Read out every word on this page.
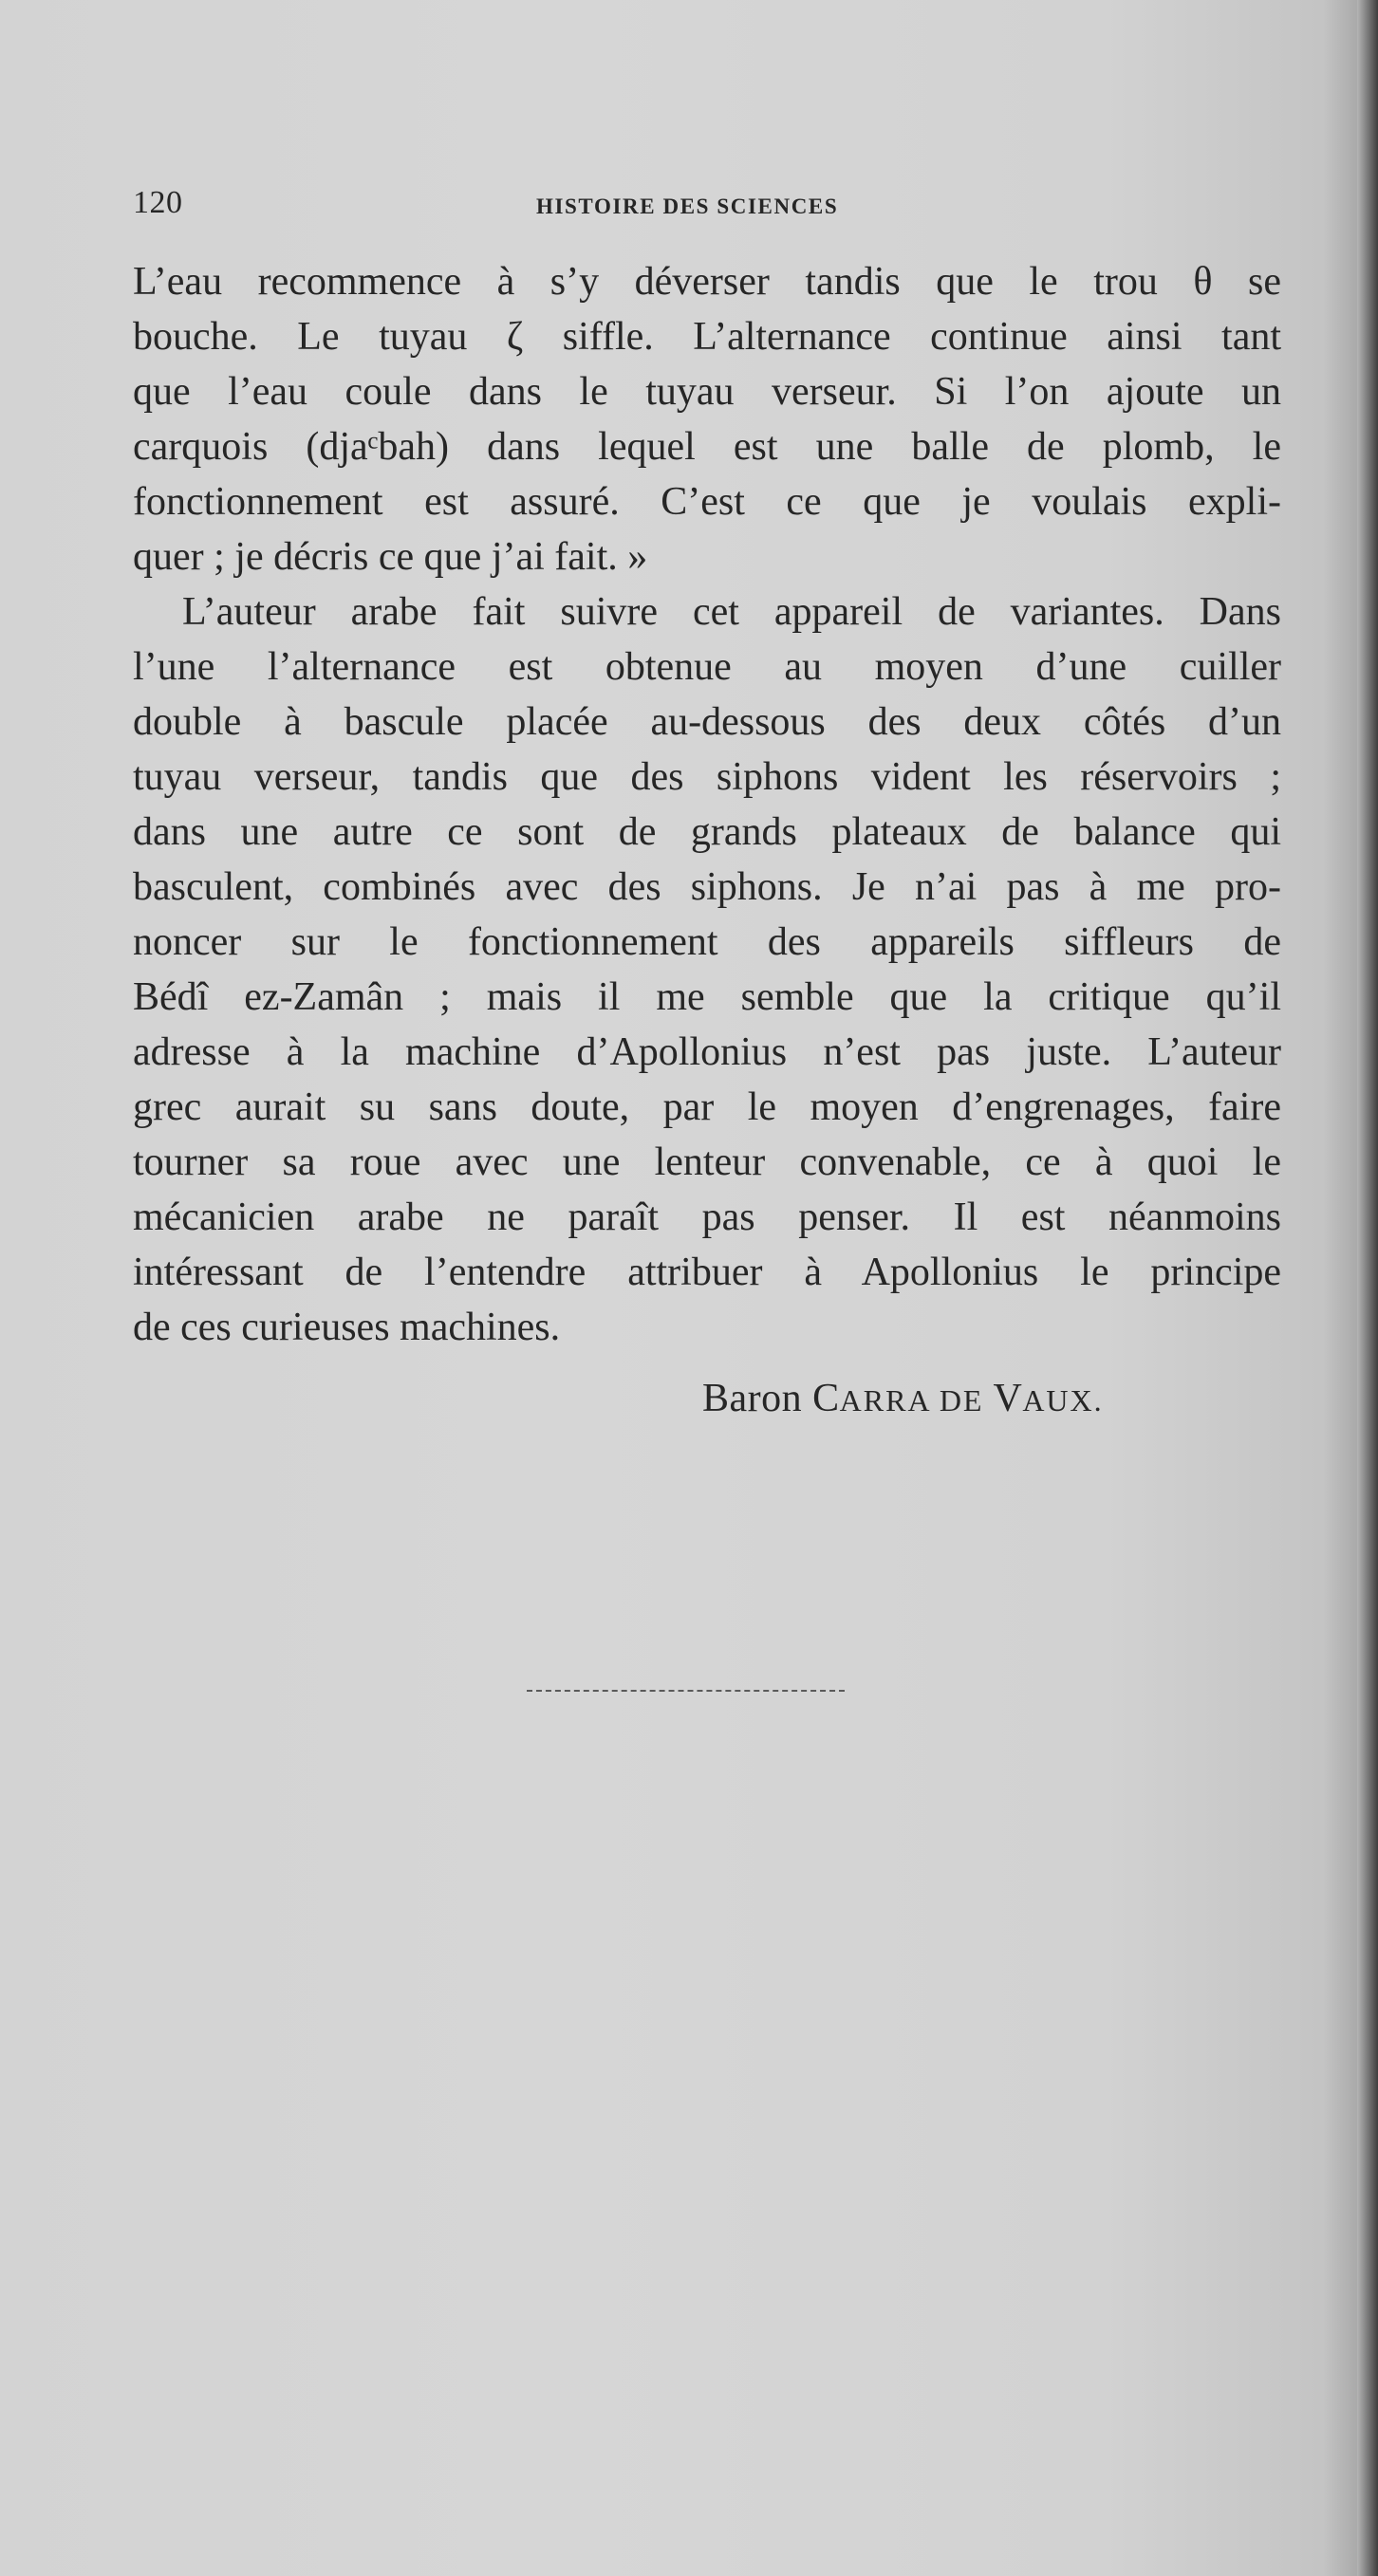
120	HISTOIRE DES SCIENCES
L’eau recommence à s’y déverser tandis que le trou θ se
bouche. Le tuyau ζ siffle. L’alternance continue ainsi tant
que l’eau coule dans le tuyau verseur. Si l’on ajoute un
carquois (djaᶜbah) dans lequel est une balle de plomb, le
fonctionnement est assuré. C’est ce que je voulais expli-
quer ; je décris ce que j’ai fait. »
L’auteur arabe fait suivre cet appareil de variantes. Dans
l’une l’alternance est obtenue au moyen d’une cuiller
double à bascule placée au-dessous des deux côtés d’un
tuyau verseur, tandis que des siphons vident les réservoirs ;
dans une autre ce sont de grands plateaux de balance qui
basculent, combinés avec des siphons. Je n’ai pas à me pro-
noncer sur le fonctionnement des appareils siffleurs de
Bédî ez-Zamân ; mais il me semble que la critique qu’il
adresse à la machine d’Apollonius n’est pas juste. L’auteur
grec aurait su sans doute, par le moyen d’engrenages, faire
tourner sa roue avec une lenteur convenable, ce à quoi le
mécanicien arabe ne paraît pas penser. Il est néanmoins
intéressant de l’entendre attribuer à Apollonius le principe
de ces curieuses machines.
Baron CARRA DE VAUX.
